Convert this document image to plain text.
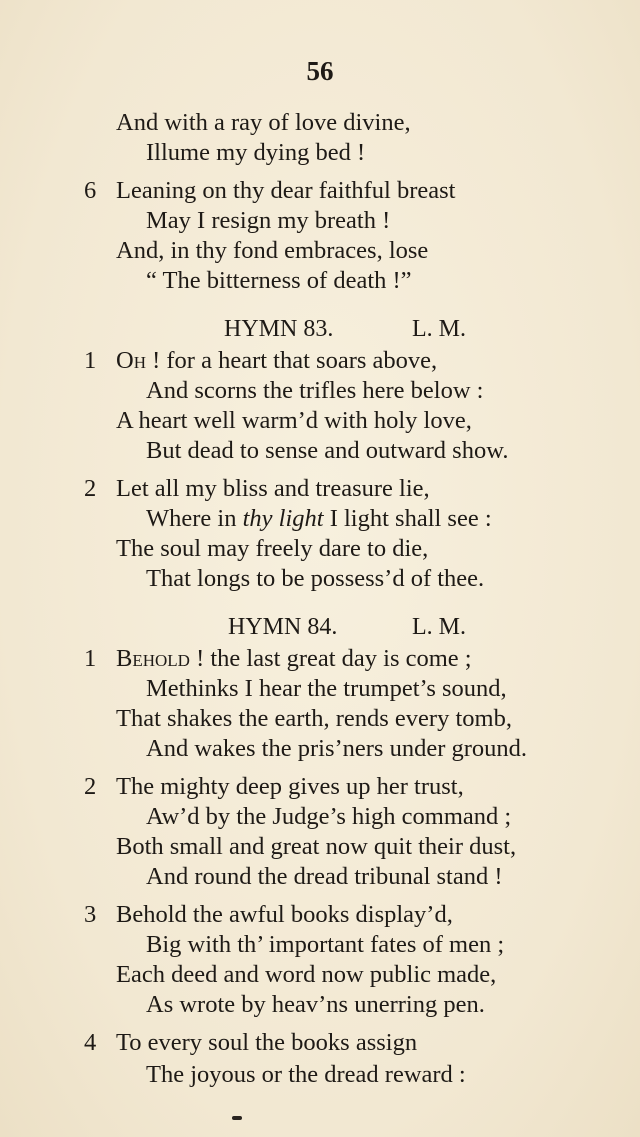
56
And with a ray of love divine,
Illume my dying bed !
6 Leaning on thy dear faithful breast
May I resign my breath !
And, in thy fond embraces, lose
“ The bitterness of death !”
HYMN 83.	L. M.
1 Oh ! for a heart that soars above,
And scorns the trifles here below :
A heart well warm’d with holy love,
But dead to sense and outward show.
2 Let all my bliss and treasure lie,
Where in thy light I light shall see :
The soul may freely dare to die,
That longs to be possess’d of thee.
HYMN 84.	L. M.
1 Behold ! the last great day is come ;
Methinks I hear the trumpet’s sound,
That shakes the earth, rends every tomb,
And wakes the pris’ners under ground.
2 The mighty deep gives up her trust,
Aw’d by the Judge’s high command ;
Both small and great now quit their dust,
And round the dread tribunal stand !
3 Behold the awful books display’d,
Big with th’ important fates of men ;
Each deed and word now public made,
As wrote by heav’ns unerring pen.
4 To every soul the books assign
The joyous or the dread reward :
